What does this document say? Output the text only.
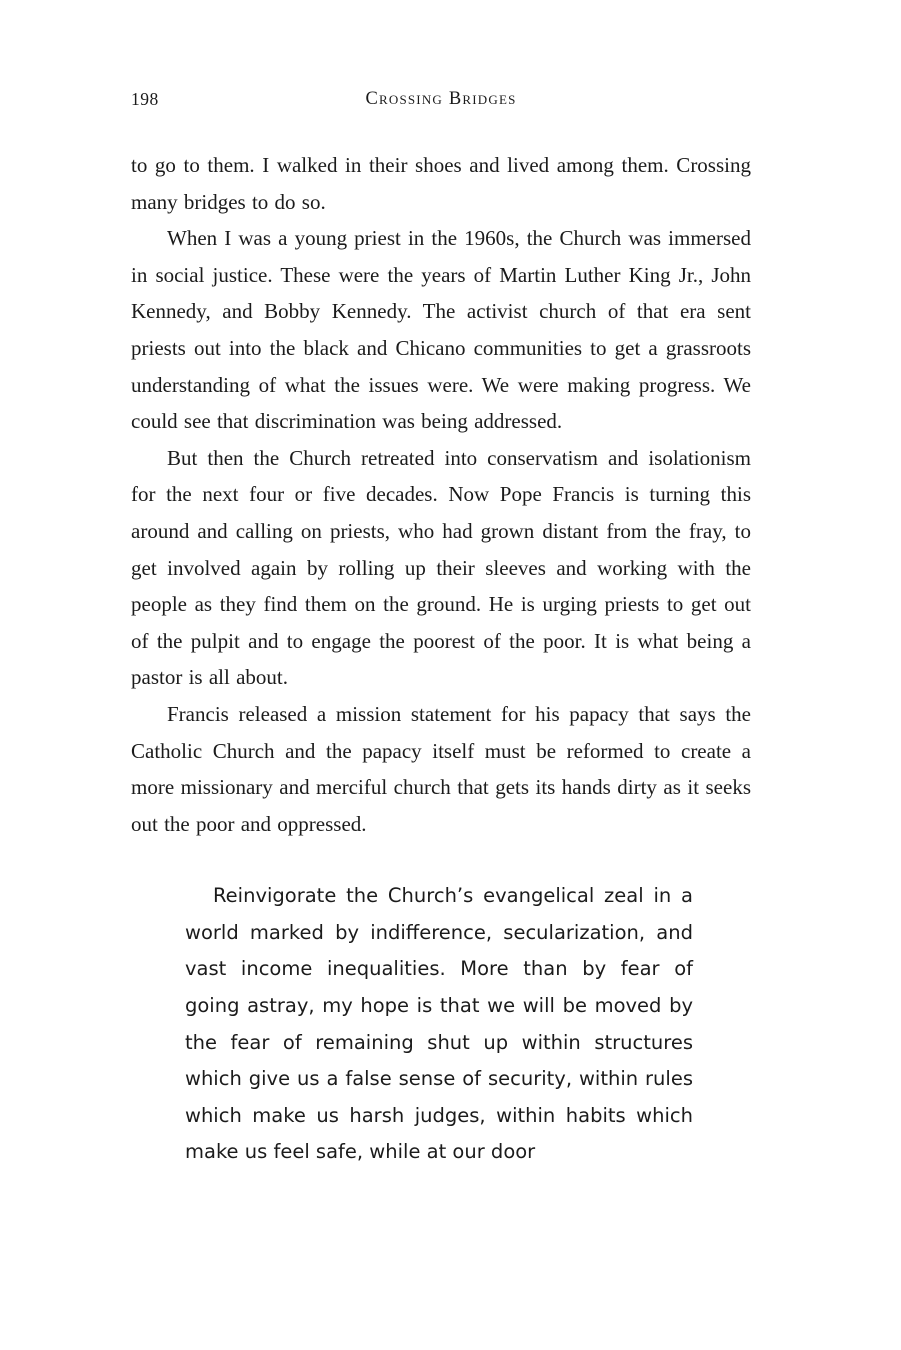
198	Crossing Bridges

to go to them. I walked in their shoes and lived among them. Crossing many bridges to do so.

When I was a young priest in the 1960s, the Church was immersed in social justice. These were the years of Martin Luther King Jr., John Kennedy, and Bobby Kennedy. The activist church of that era sent priests out into the black and Chicano communities to get a grassroots understanding of what the issues were. We were making progress. We could see that discrimination was being addressed.

But then the Church retreated into conservatism and isolationism for the next four or five decades. Now Pope Francis is turning this around and calling on priests, who had grown distant from the fray, to get involved again by rolling up their sleeves and working with the people as they find them on the ground. He is urging priests to get out of the pulpit and to engage the poorest of the poor. It is what being a pastor is all about.

Francis released a mission statement for his papacy that says the Catholic Church and the papacy itself must be reformed to create a more missionary and merciful church that gets its hands dirty as it seeks out the poor and oppressed.

Reinvigorate the Church’s evangelical zeal in a world marked by indifference, secularization, and vast income inequalities. More than by fear of going astray, my hope is that we will be moved by the fear of remaining shut up within structures which give us a false sense of security, within rules which make us harsh judges, within habits which make us feel safe, while at our door
